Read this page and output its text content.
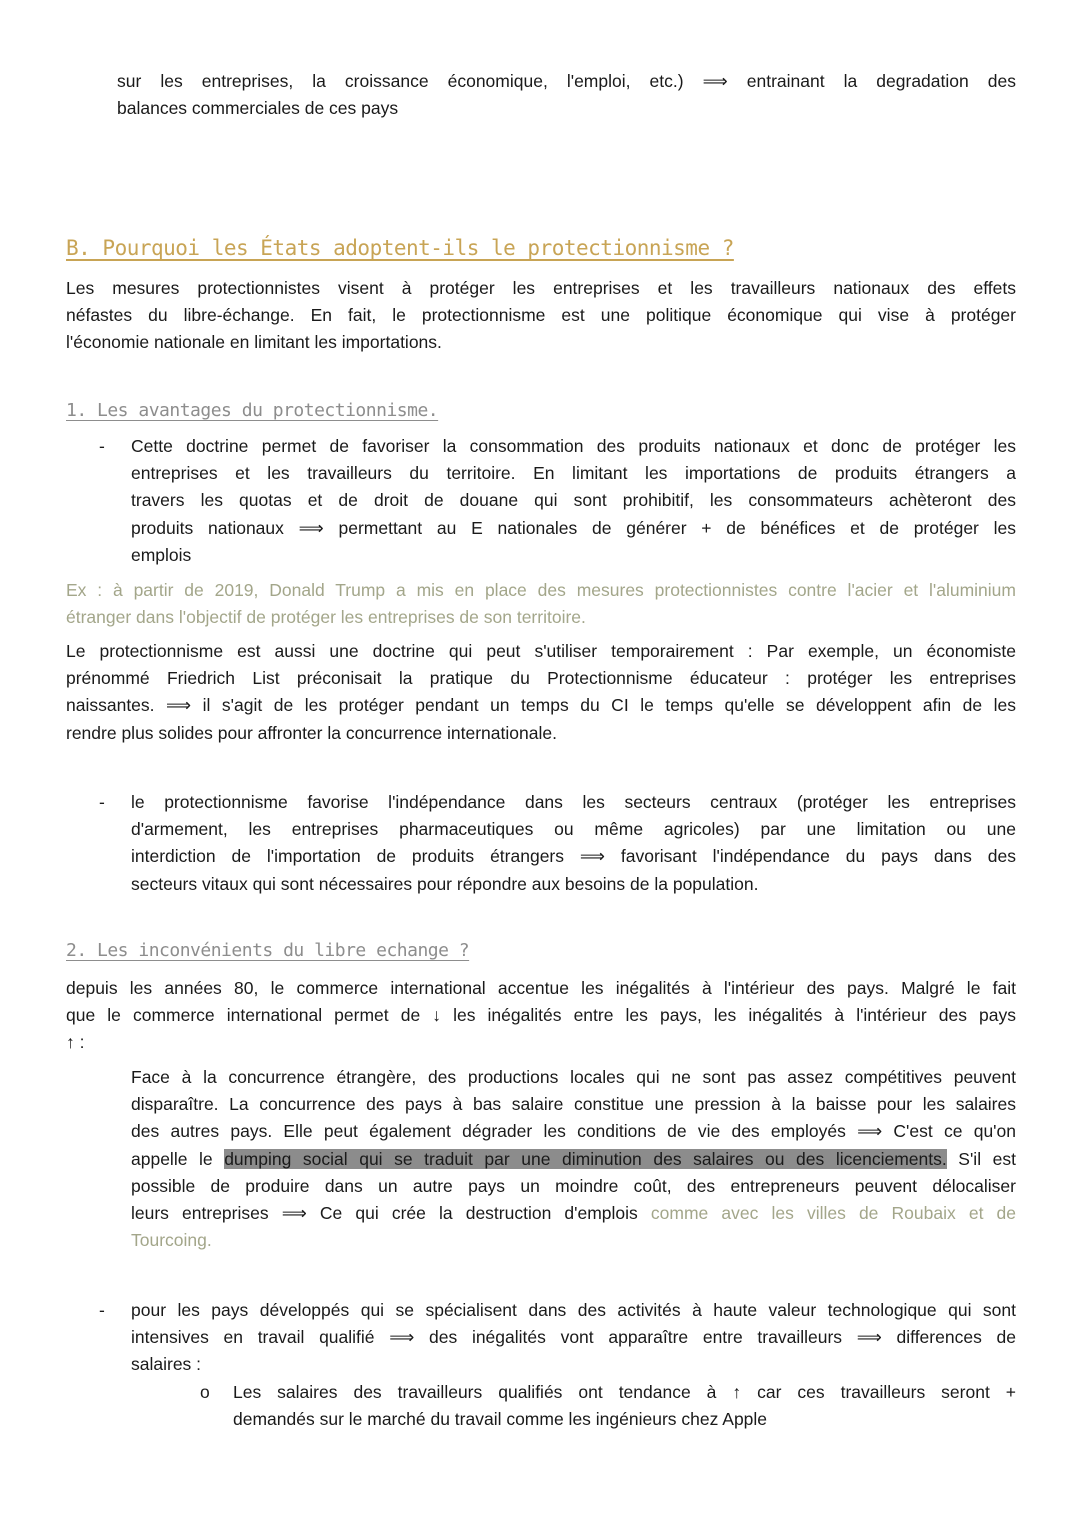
sur les entreprises, la croissance économique, l'emploi, etc.) ⟹ entrainant la degradation des
balances commerciales de ces pays
B. Pourquoi les États adoptent-ils le protectionnisme ?
Les mesures protectionnistes visent à protéger les entreprises et les travailleurs nationaux des effets
néfastes du libre-échange. En fait, le protectionnisme est une politique économique qui vise à protéger
l'économie nationale en limitant les importations.
1. Les avantages du protectionnisme.
- Cette doctrine permet de favoriser la consommation des produits nationaux et donc de protéger les
entreprises et les travailleurs du territoire. En limitant les importations de produits étrangers a
travers les quotas et de droit de douane qui sont prohibitif, les consommateurs achèteront des
produits nationaux ⟹ permettant au E nationales de générer + de bénéfices et de protéger les
emplois
Ex : à partir de 2019, Donald Trump a mis en place des mesures protectionnistes contre l'acier et l'aluminium
étranger dans l'objectif de protéger les entreprises de son territoire.
Le protectionnisme est aussi une doctrine qui peut s'utiliser temporairement : Par exemple, un économiste
prénommé Friedrich List préconisait la pratique du Protectionnisme éducateur : protéger les entreprises
naissantes. ⟹ il s'agit de les protéger pendant un temps du CI le temps qu'elle se développent afin de les
rendre plus solides pour affronter la concurrence internationale.
- le protectionnisme favorise l'indépendance dans les secteurs centraux (protéger les entreprises
d'armement, les entreprises pharmaceutiques ou même agricoles) par une limitation ou une
interdiction de l'importation de produits étrangers ⟹ favorisant l'indépendance du pays dans des
secteurs vitaux qui sont nécessaires pour répondre aux besoins de la population.
2. Les inconvénients du libre echange ?
depuis les années 80, le commerce international accentue les inégalités à l'intérieur des pays. Malgré le fait
que le commerce international permet de ↓ les inégalités entre les pays, les inégalités à l'intérieur des pays
↑ :
Face à la concurrence étrangère, des productions locales qui ne sont pas assez compétitives peuvent
disparaître. La concurrence des pays à bas salaire constitue une pression à la baisse pour les salaires
des autres pays. Elle peut également dégrader les conditions de vie des employés ⟹ C'est ce qu'on
appelle le dumping social qui se traduit par une diminution des salaires ou des licenciements. S'il est
possible de produire dans un autre pays un moindre coût, des entrepreneurs peuvent délocaliser
leurs entreprises ⟹ Ce qui crée la destruction d'emplois comme avec les villes de Roubaix et de
Tourcoing.
- pour les pays développés qui se spécialisent dans des activités à haute valeur technologique qui sont
intensives en travail qualifié ⟹ des inégalités vont apparaître entre travailleurs ⟹ differences de
salaires :
o Les salaires des travailleurs qualifiés ont tendance à ↑ car ces travailleurs seront +
demandés sur le marché du travail comme les ingénieurs chez Apple
